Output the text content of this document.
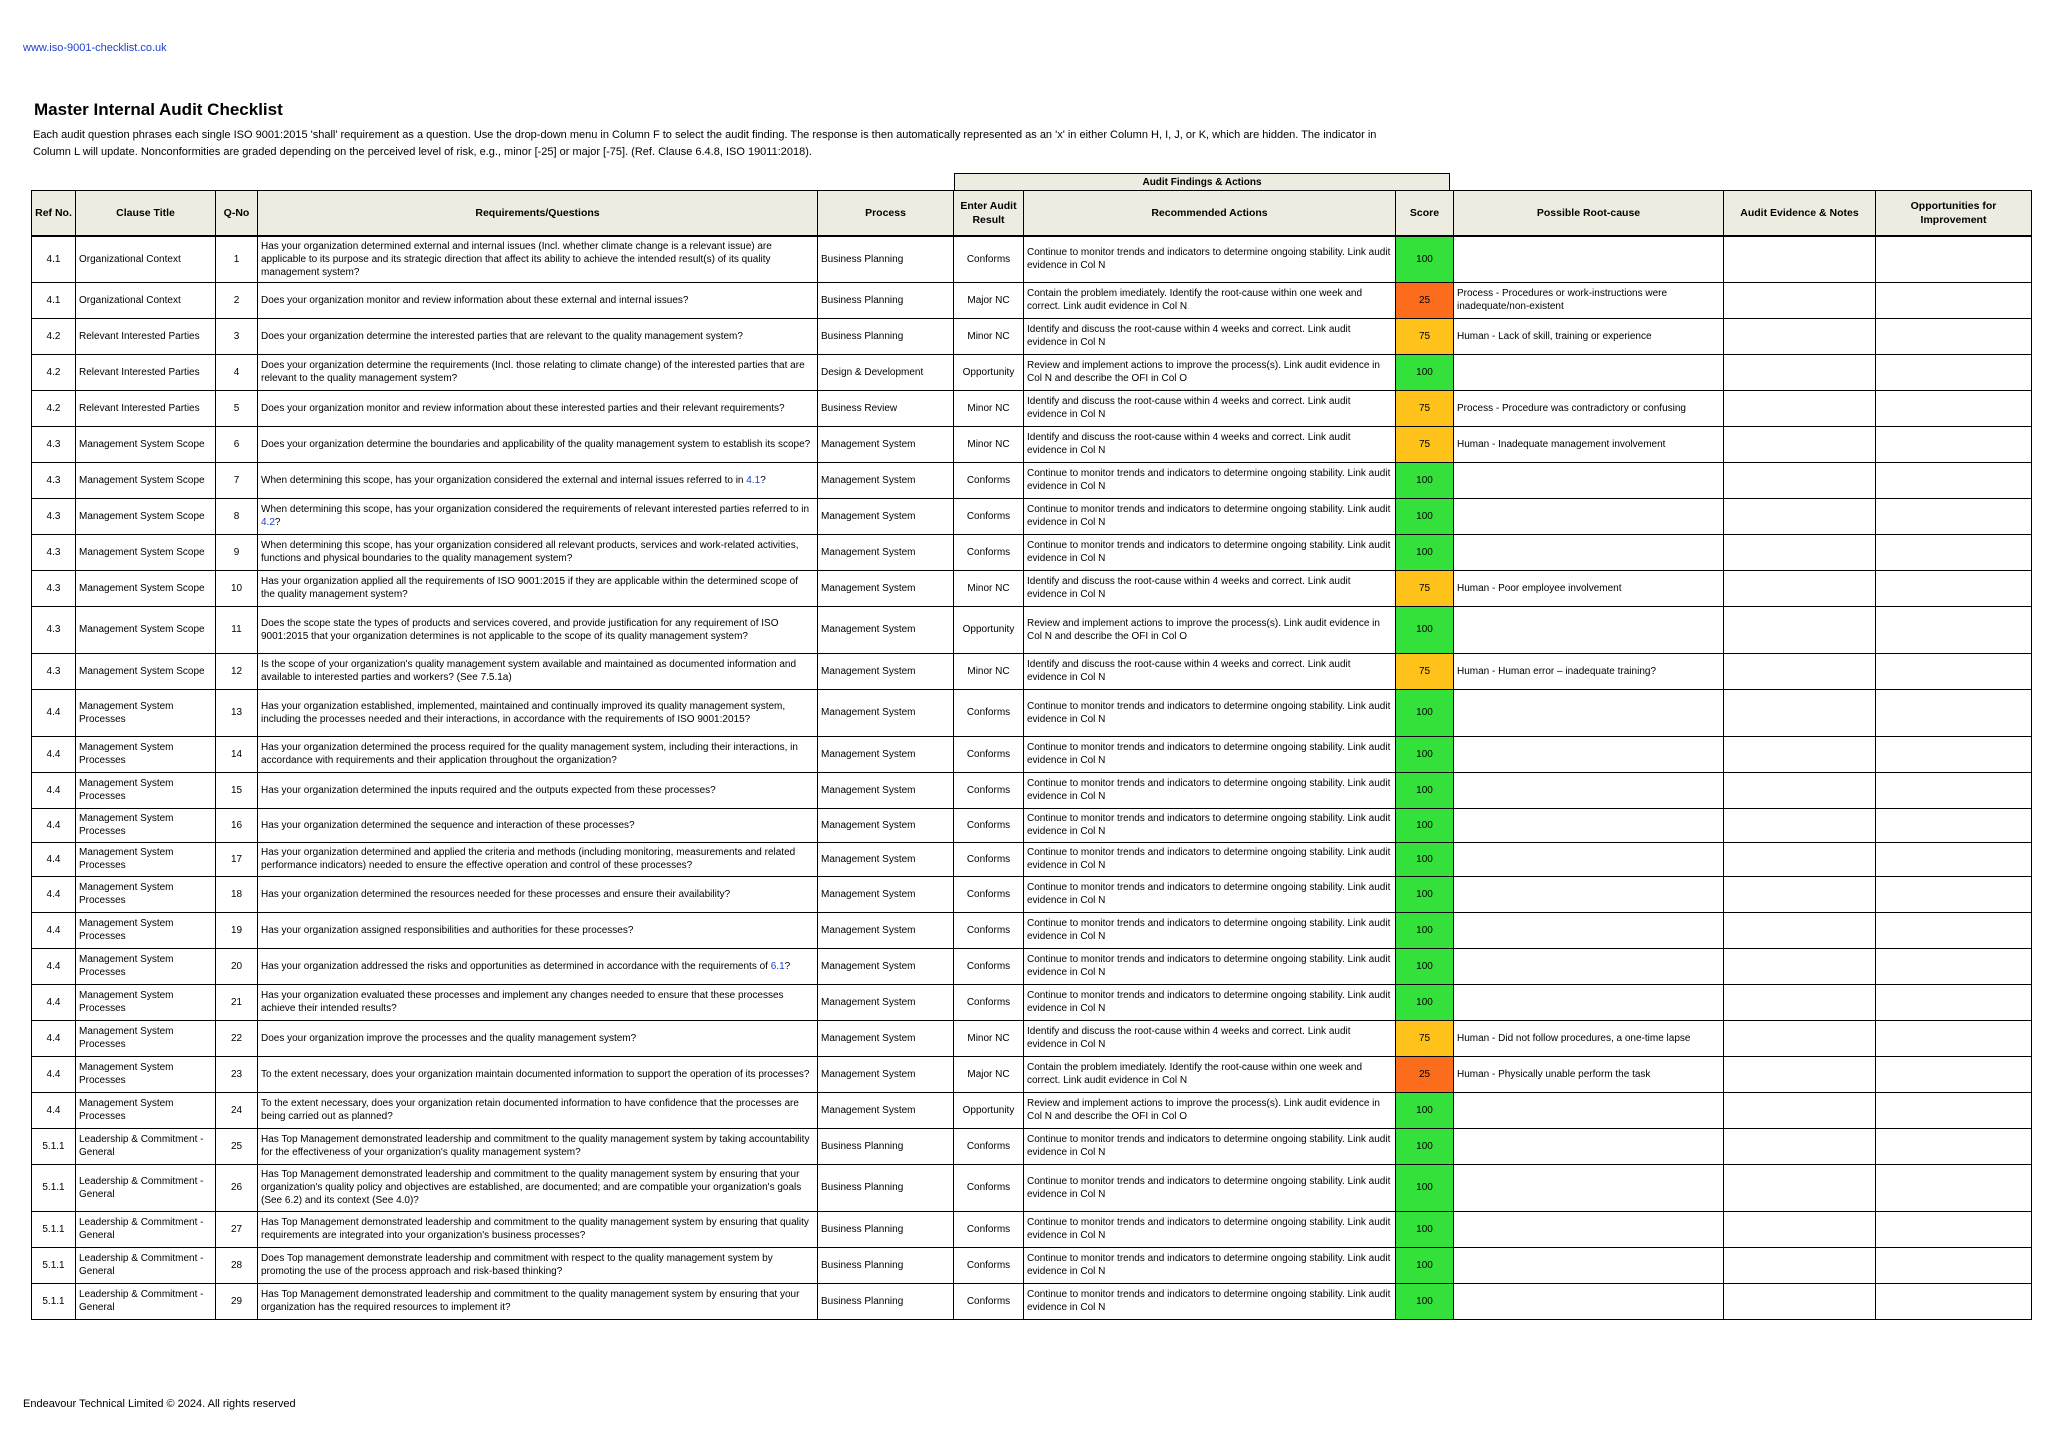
www.iso-9001-checklist.co.uk
Master Internal Audit Checklist
Each audit question phrases each single ISO 9001:2015 'shall' requirement as a question. Use the drop-down menu in Column F to select the audit finding. The response is then automatically represented as an 'x' in either Column H, I, J, or K, which are hidden. The indicator in Column L will update. Nonconformities are graded depending on the perceived level of risk, e.g., minor [-25] or major [-75]. (Ref. Clause 6.4.8, ISO 19011:2018).
Audit Findings & Actions
Ref No.	Clause Title	Q-No	Requirements/Questions	Process	Enter Audit Result	Recommended Actions	Score	Possible Root-cause	Audit Evidence & Notes	Opportunities for Improvement
4.1	Organizational Context	1	Has your organization determined external and internal issues (Incl. whether climate change is a relevant issue) are applicable to its purpose and its strategic direction that affect its ability to achieve the intended result(s) of its quality management system?	Business Planning	Conforms	Continue to monitor trends and indicators to determine ongoing stability. Link audit evidence in Col N	100			
4.1	Organizational Context	2	Does your organization monitor and review information about these external and internal issues?	Business Planning	Major NC	Contain the problem imediately. Identify the root-cause within one week and correct. Link audit evidence in Col N	25	Process - Procedures or work-instructions were inadequate/non-existent		
4.2	Relevant Interested Parties	3	Does your organization determine the interested parties that are relevant to the quality management system?	Business Planning	Minor NC	Identify and discuss the root-cause within 4 weeks and correct. Link audit evidence in Col N	75	Human - Lack of skill, training or experience		
4.2	Relevant Interested Parties	4	Does your organization determine the requirements (Incl. those relating to climate change) of the interested parties that are relevant to the quality management system?	Design & Development	Opportunity	Review and implement actions to improve the process(s). Link audit evidence in Col N and describe the OFI in Col O	100			
4.2	Relevant Interested Parties	5	Does your organization monitor and review information about these interested parties and their relevant requirements?	Business Review	Minor NC	Identify and discuss the root-cause within 4 weeks and correct. Link audit evidence in Col N	75	Process - Procedure was contradictory or confusing		
4.3	Management System Scope	6	Does your organization determine the boundaries and applicability of the quality management system to establish its scope?	Management System	Minor NC	Identify and discuss the root-cause within 4 weeks and correct. Link audit evidence in Col N	75	Human - Inadequate management involvement		
4.3	Management System Scope	7	When determining this scope, has your organization considered the external and internal issues referred to in 4.1?	Management System	Conforms	Continue to monitor trends and indicators to determine ongoing stability. Link audit evidence in Col N	100			
4.3	Management System Scope	8	When determining this scope, has your organization considered the requirements of relevant interested parties referred to in 4.2?	Management System	Conforms	Continue to monitor trends and indicators to determine ongoing stability. Link audit evidence in Col N	100			
4.3	Management System Scope	9	When determining this scope, has your organization considered all relevant products, services and work-related activities, functions and physical boundaries to the quality management system?	Management System	Conforms	Continue to monitor trends and indicators to determine ongoing stability. Link audit evidence in Col N	100			
4.3	Management System Scope	10	Has your organization applied all the requirements of ISO 9001:2015 if they are applicable within the determined scope of the quality management system?	Management System	Minor NC	Identify and discuss the root-cause within 4 weeks and correct. Link audit evidence in Col N	75	Human - Poor employee involvement		
4.3	Management System Scope	11	Does the scope state the types of products and services covered, and provide justification for any requirement of ISO 9001:2015 that your organization determines is not applicable to the scope of its quality management system?	Management System	Opportunity	Review and implement actions to improve the process(s). Link audit evidence in Col N and describe the OFI in Col O	100			
4.3	Management System Scope	12	Is the scope of your organization's quality management system available and maintained as documented information and available to interested parties and workers? (See 7.5.1a)	Management System	Minor NC	Identify and discuss the root-cause within 4 weeks and correct. Link audit evidence in Col N	75	Human - Human error – inadequate training?		
4.4	Management System Processes	13	Has your organization established, implemented, maintained and continually improved its quality management system, including the processes needed and their interactions, in accordance with the requirements of ISO 9001:2015?	Management System	Conforms	Continue to monitor trends and indicators to determine ongoing stability. Link audit evidence in Col N	100			
4.4	Management System Processes	14	Has your organization determined the process required for the quality management system, including their interactions, in accordance with requirements and their application throughout the organization?	Management System	Conforms	Continue to monitor trends and indicators to determine ongoing stability. Link audit evidence in Col N	100			
4.4	Management System Processes	15	Has your organization determined the inputs required and the outputs expected from these processes?	Management System	Conforms	Continue to monitor trends and indicators to determine ongoing stability. Link audit evidence in Col N	100			
4.4	Management System Processes	16	Has your organization determined the sequence and interaction of these processes?	Management System	Conforms	Continue to monitor trends and indicators to determine ongoing stability. Link audit evidence in Col N	100			
4.4	Management System Processes	17	Has your organization determined and applied the criteria and methods (including monitoring, measurements and related performance indicators) needed to ensure the effective operation and control of these processes?	Management System	Conforms	Continue to monitor trends and indicators to determine ongoing stability. Link audit evidence in Col N	100			
4.4	Management System Processes	18	Has your organization determined the resources needed for these processes and ensure their availability?	Management System	Conforms	Continue to monitor trends and indicators to determine ongoing stability. Link audit evidence in Col N	100			
4.4	Management System Processes	19	Has your organization assigned responsibilities and authorities for these processes?	Management System	Conforms	Continue to monitor trends and indicators to determine ongoing stability. Link audit evidence in Col N	100			
4.4	Management System Processes	20	Has your organization addressed the risks and opportunities as determined in accordance with the requirements of 6.1?	Management System	Conforms	Continue to monitor trends and indicators to determine ongoing stability. Link audit evidence in Col N	100			
4.4	Management System Processes	21	Has your organization evaluated these processes and implement any changes needed to ensure that these processes achieve their intended results?	Management System	Conforms	Continue to monitor trends and indicators to determine ongoing stability. Link audit evidence in Col N	100			
4.4	Management System Processes	22	Does your organization improve the processes and the quality management system?	Management System	Minor NC	Identify and discuss the root-cause within 4 weeks and correct. Link audit evidence in Col N	75	Human - Did not follow procedures, a one-time lapse		
4.4	Management System Processes	23	To the extent necessary, does your organization maintain documented information to support the operation of its processes?	Management System	Major NC	Contain the problem imediately. Identify the root-cause within one week and correct. Link audit evidence in Col N	25	Human - Physically unable perform the task		
4.4	Management System Processes	24	To the extent necessary, does your organization retain documented information to have confidence that the processes are being carried out as planned?	Management System	Opportunity	Review and implement actions to improve the process(s). Link audit evidence in Col N and describe the OFI in Col O	100			
5.1.1	Leadership & Commitment - General	25	Has Top Management demonstrated leadership and commitment to the quality management system by taking accountability for the effectiveness of your organization's quality management system?	Business Planning	Conforms	Continue to monitor trends and indicators to determine ongoing stability. Link audit evidence in Col N	100			
5.1.1	Leadership & Commitment - General	26	Has Top Management demonstrated leadership and commitment to the quality management system by ensuring that your organization's quality policy and objectives are established, are documented; and are compatible your organization's goals (See 6.2) and its context (See 4.0)?	Business Planning	Conforms	Continue to monitor trends and indicators to determine ongoing stability. Link audit evidence in Col N	100			
5.1.1	Leadership & Commitment - General	27	Has Top Management demonstrated leadership and commitment to the quality management system by ensuring that quality requirements are integrated into your organization's business processes?	Business Planning	Conforms	Continue to monitor trends and indicators to determine ongoing stability. Link audit evidence in Col N	100			
5.1.1	Leadership & Commitment - General	28	Does Top management demonstrate leadership and commitment with respect to the quality management system by promoting the use of the process approach and risk-based thinking?	Business Planning	Conforms	Continue to monitor trends and indicators to determine ongoing stability. Link audit evidence in Col N	100			
5.1.1	Leadership & Commitment - General	29	Has Top Management demonstrated leadership and commitment to the quality management system by ensuring that your organization has the required resources to implement it?	Business Planning	Conforms	Continue to monitor trends and indicators to determine ongoing stability. Link audit evidence in Col N	100			
Endeavour Technical Limited © 2024. All rights reserved
